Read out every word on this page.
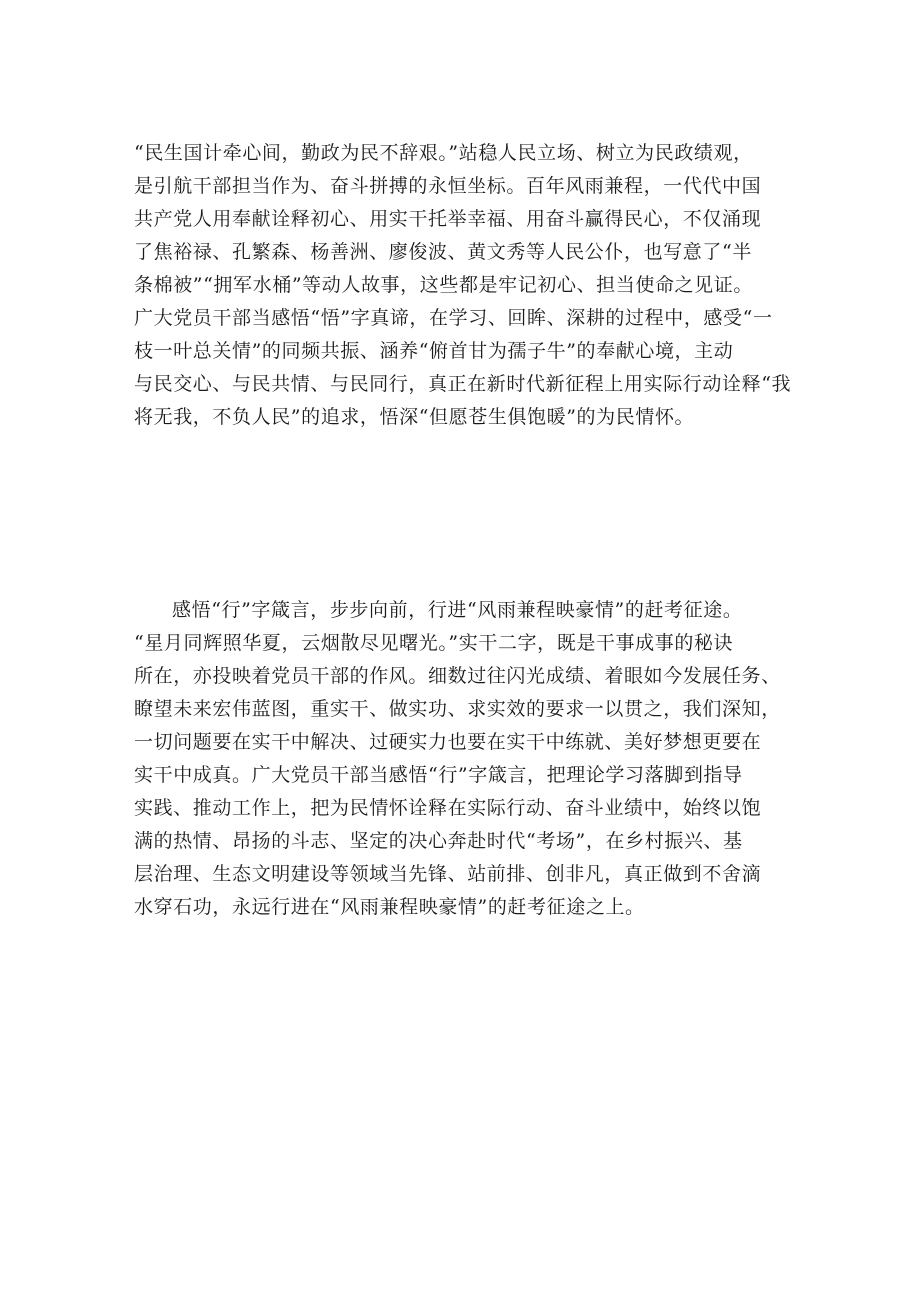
“民生国计牵心间，勤政为民不辞艰。”站稳人民立场、树立为民政绩观，
是引航干部担当作为、奋斗拼搏的永恒坐标。百年风雨兼程，一代代中国
共产党人用奉献诠释初心、用实干托举幸福、用奋斗赢得民心，不仅涌现
了焦裕禄、孔繁森、杨善洲、廖俊波、黄文秀等人民公仆，也写意了“半
条棉被”“拥军水桶”等动人故事，这些都是牢记初心、担当使命之见证。
广大党员干部当感悟“悟”字真谛，在学习、回眸、深耕的过程中，感受“一
枝一叶总关情”的同频共振、涵养“俯首甘为孺子牛”的奉献心境，主动
与民交心、与民共情、与民同行，真正在新时代新征程上用实际行动诠释“我
将无我，不负人民”的追求，悟深“但愿苍生俱饱暖”的为民情怀。
感悟“行”字箴言，步步向前，行进“风雨兼程映豪情”的赶考征途。
“星月同辉照华夏，云烟散尽见曙光。”实干二字，既是干事成事的秘诀
所在，亦投映着党员干部的作风。细数过往闪光成绩、着眼如今发展任务、
瞭望未来宏伟蓝图，重实干、做实功、求实效的要求一以贯之，我们深知，
一切问题要在实干中解决、过硬实力也要在实干中练就、美好梦想更要在
实干中成真。广大党员干部当感悟“行”字箴言，把理论学习落脚到指导
实践、推动工作上，把为民情怀诠释在实际行动、奋斗业绩中，始终以饱
满的热情、昂扬的斗志、坚定的决心奔赴时代“考场”，在乡村振兴、基
层治理、生态文明建设等领域当先锋、站前排、创非凡，真正做到不舍滴
水穿石功，永远行进在“风雨兼程映豪情”的赶考征途之上。
